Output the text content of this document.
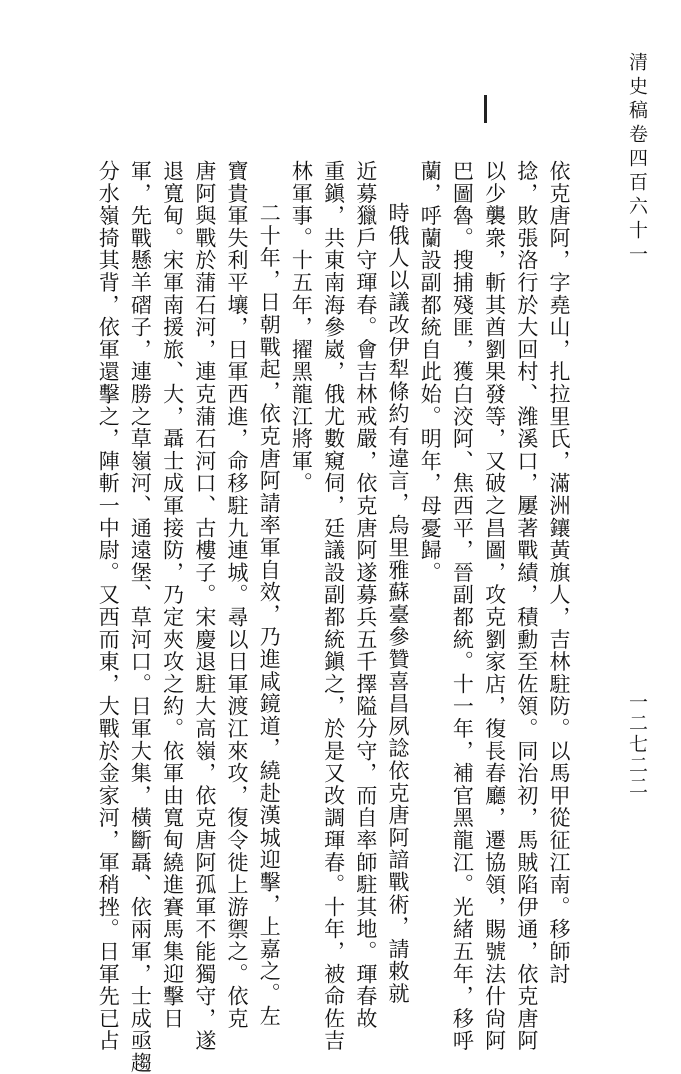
清史稿卷四百六十一
一二七二二
依克唐阿，字堯山，扎拉里氏，滿洲鑲黃旗人，吉林駐防。以馬甲從征江南。移師討
捻，敗張洛行於大回村、潍溪口，屢著戰績，積勳至佐領。同治初，馬賊陷伊通，依克唐阿
以少襲衆，斬其酋劉果發等，又破之昌圖，攻克劉家店，復長春廳，遷協領，賜號法什尙阿
巴圖魯。搜捕殘匪，獲白洨阿、焦西平，晉副都統。十一年，補官黑龍江。光緒五年，移呼
蘭，呼蘭設副都統自此始。明年，母憂歸。
時俄人以議改伊犁條約有違言，烏里雅蘇臺參贊喜昌夙諗依克唐阿諳戰術，請敕就
近募獵戶守琿春。會吉林戒嚴，依克唐阿遂募兵五千擇隘分守，而自率師駐其地。琿春故
重鎭，共東南海參崴，俄尤數窺伺，廷議設副都統鎭之，於是又改調琿春。十年，被命佐吉
林軍事。十五年，擢黑龍江將軍。
二十年，日朝戰起，依克唐阿請率軍自效，乃進咸鏡道，繞赴漢城迎擊，上嘉之。左
寶貴軍失利平壤，日軍西進，命移駐九連城。尋以日軍渡江來攻，復令徙上游禦之。依克
唐阿與戰於蒲石河，連克蒲石河口、古樓子。宋慶退駐大高嶺，依克唐阿孤軍不能獨守，遂
退寬甸。宋軍南援旅、大，聶士成軍接防，乃定夾攻之約。依軍由寬甸繞進賽馬集迎擊日
軍，先戰懸羊磖子，連勝之草嶺河、通遠堡、草河口。日軍大集，橫斷聶、依兩軍，士成亟趨
分水嶺掎其背，依軍還擊之，陣斬一中尉。又西而東，大戰於金家河，軍稍挫。日軍先已占
